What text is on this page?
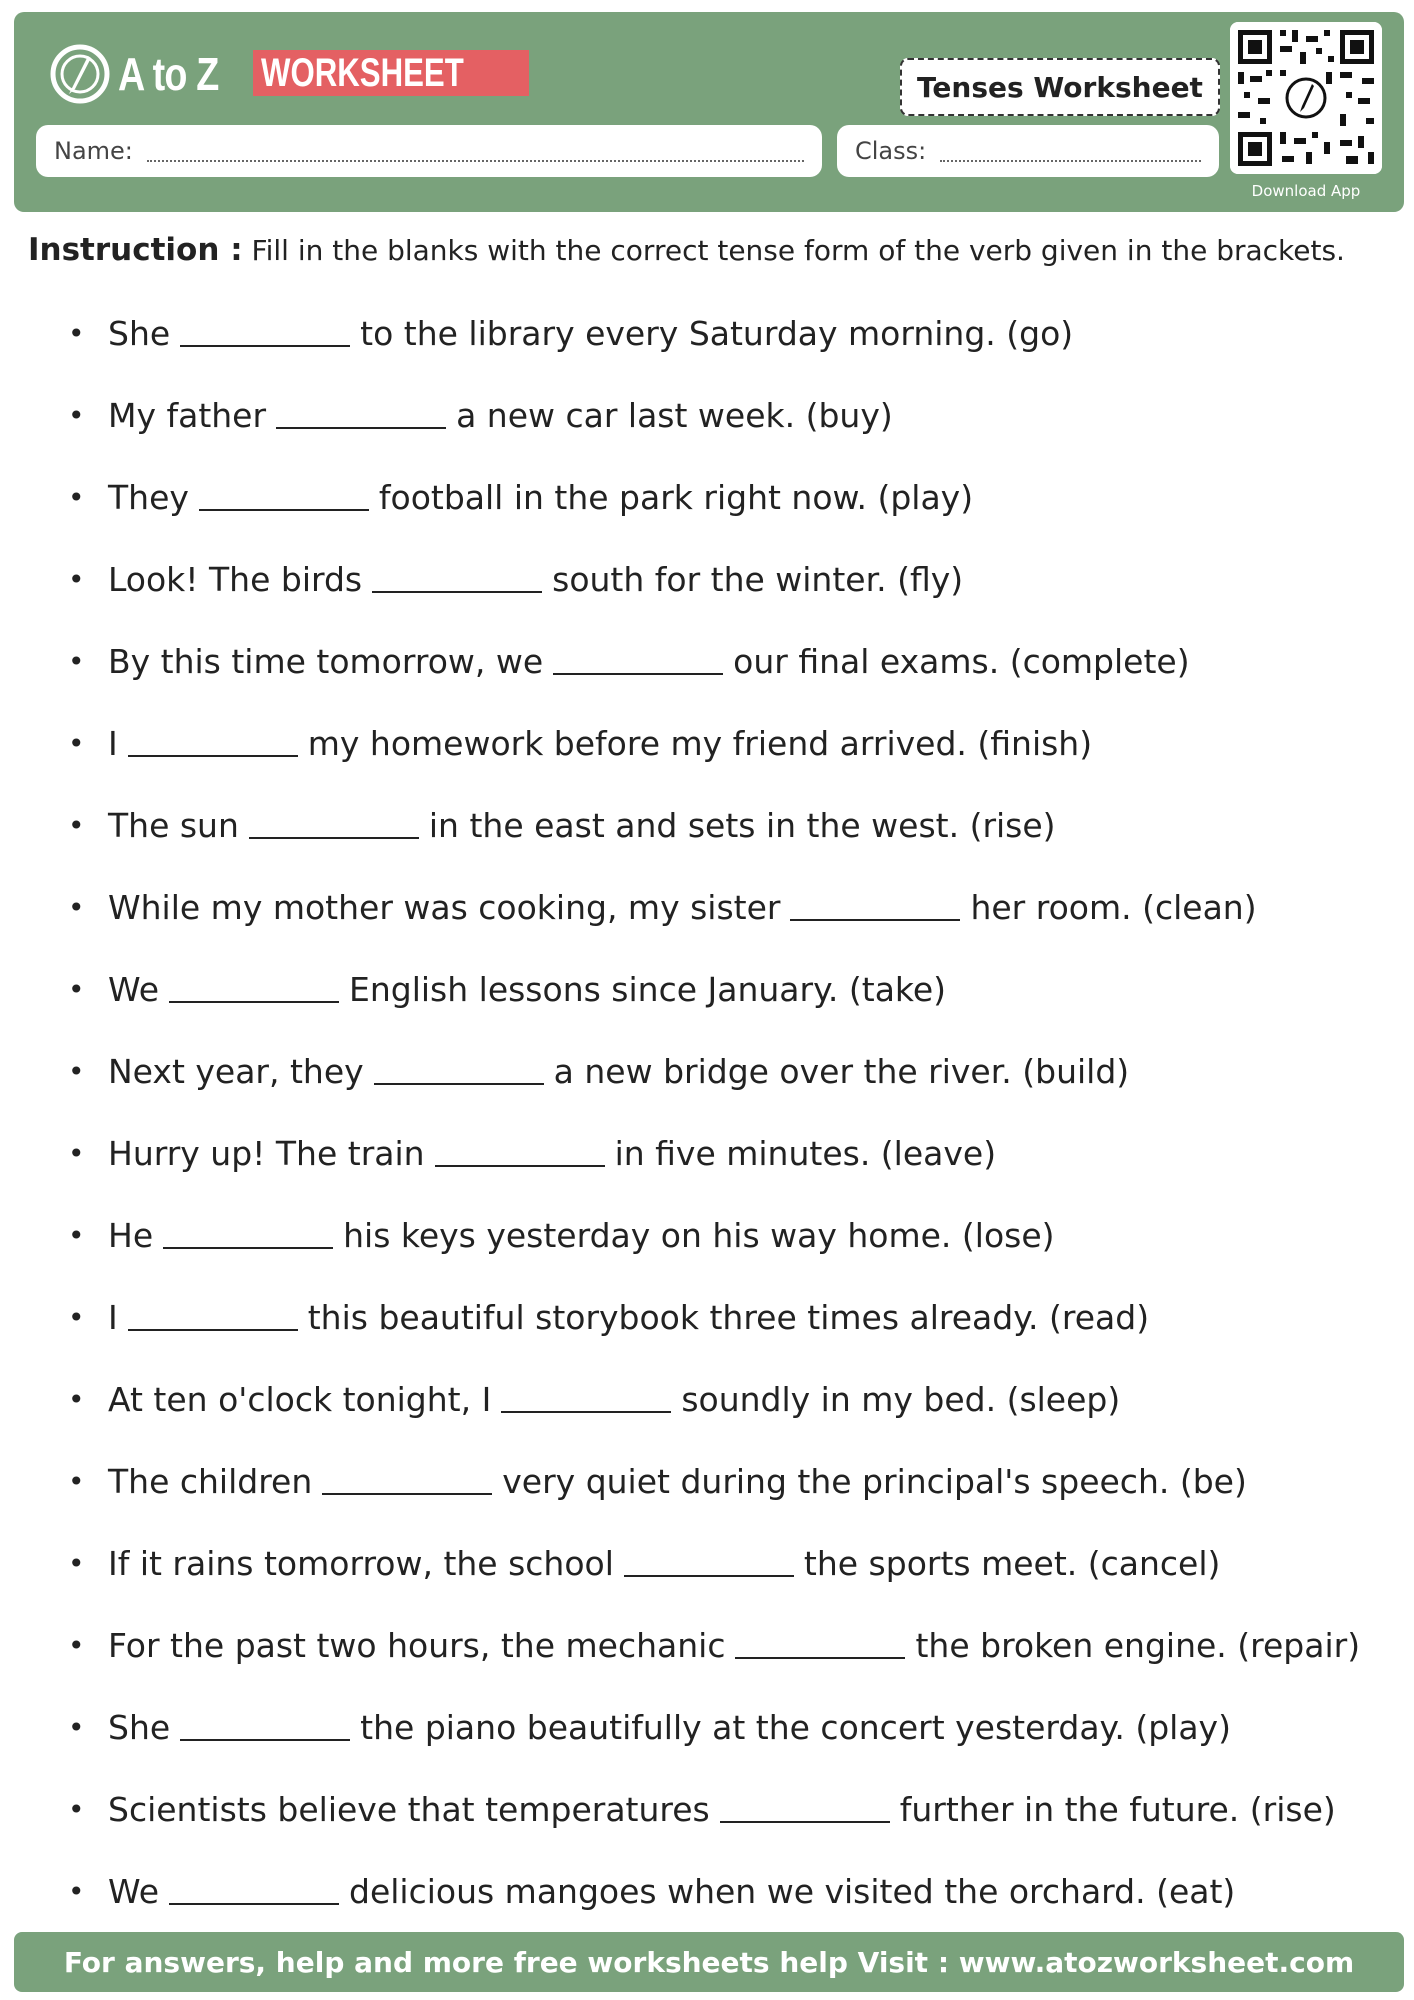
A to Z WORKSHEET	Tenses Worksheet
Name:	Class:
Download App
Instruction : Fill in the blanks with the correct tense form of the verb given in the brackets.
• She	to the library every Saturday morning. (go)
• My father	a new car last week. (buy)
• They	football in the park right now. (play)
• Look! The birds	south for the winter. (fly)
• By this time tomorrow, we	our final exams. (complete)
• I	my homework before my friend arrived. (finish)
• The sun	in the east and sets in the west. (rise)
• While my mother was cooking, my sister	her room. (clean)
• We	English lessons since January. (take)
• Next year, they	a new bridge over the river. (build)
• Hurry up! The train	in five minutes. (leave)
• He	his keys yesterday on his way home. (lose)
• I	this beautiful storybook three times already. (read)
• At ten o'clock tonight, I	soundly in my bed. (sleep)
• The children	very quiet during the principal's speech. (be)
• If it rains tomorrow, the school	the sports meet. (cancel)
• For the past two hours, the mechanic	the broken engine. (repair)
• She	the piano beautifully at the concert yesterday. (play)
• Scientists believe that temperatures	further in the future. (rise)
• We	delicious mangoes when we visited the orchard. (eat)
For answers, help and more free worksheets help Visit : www.atozworksheet.com
